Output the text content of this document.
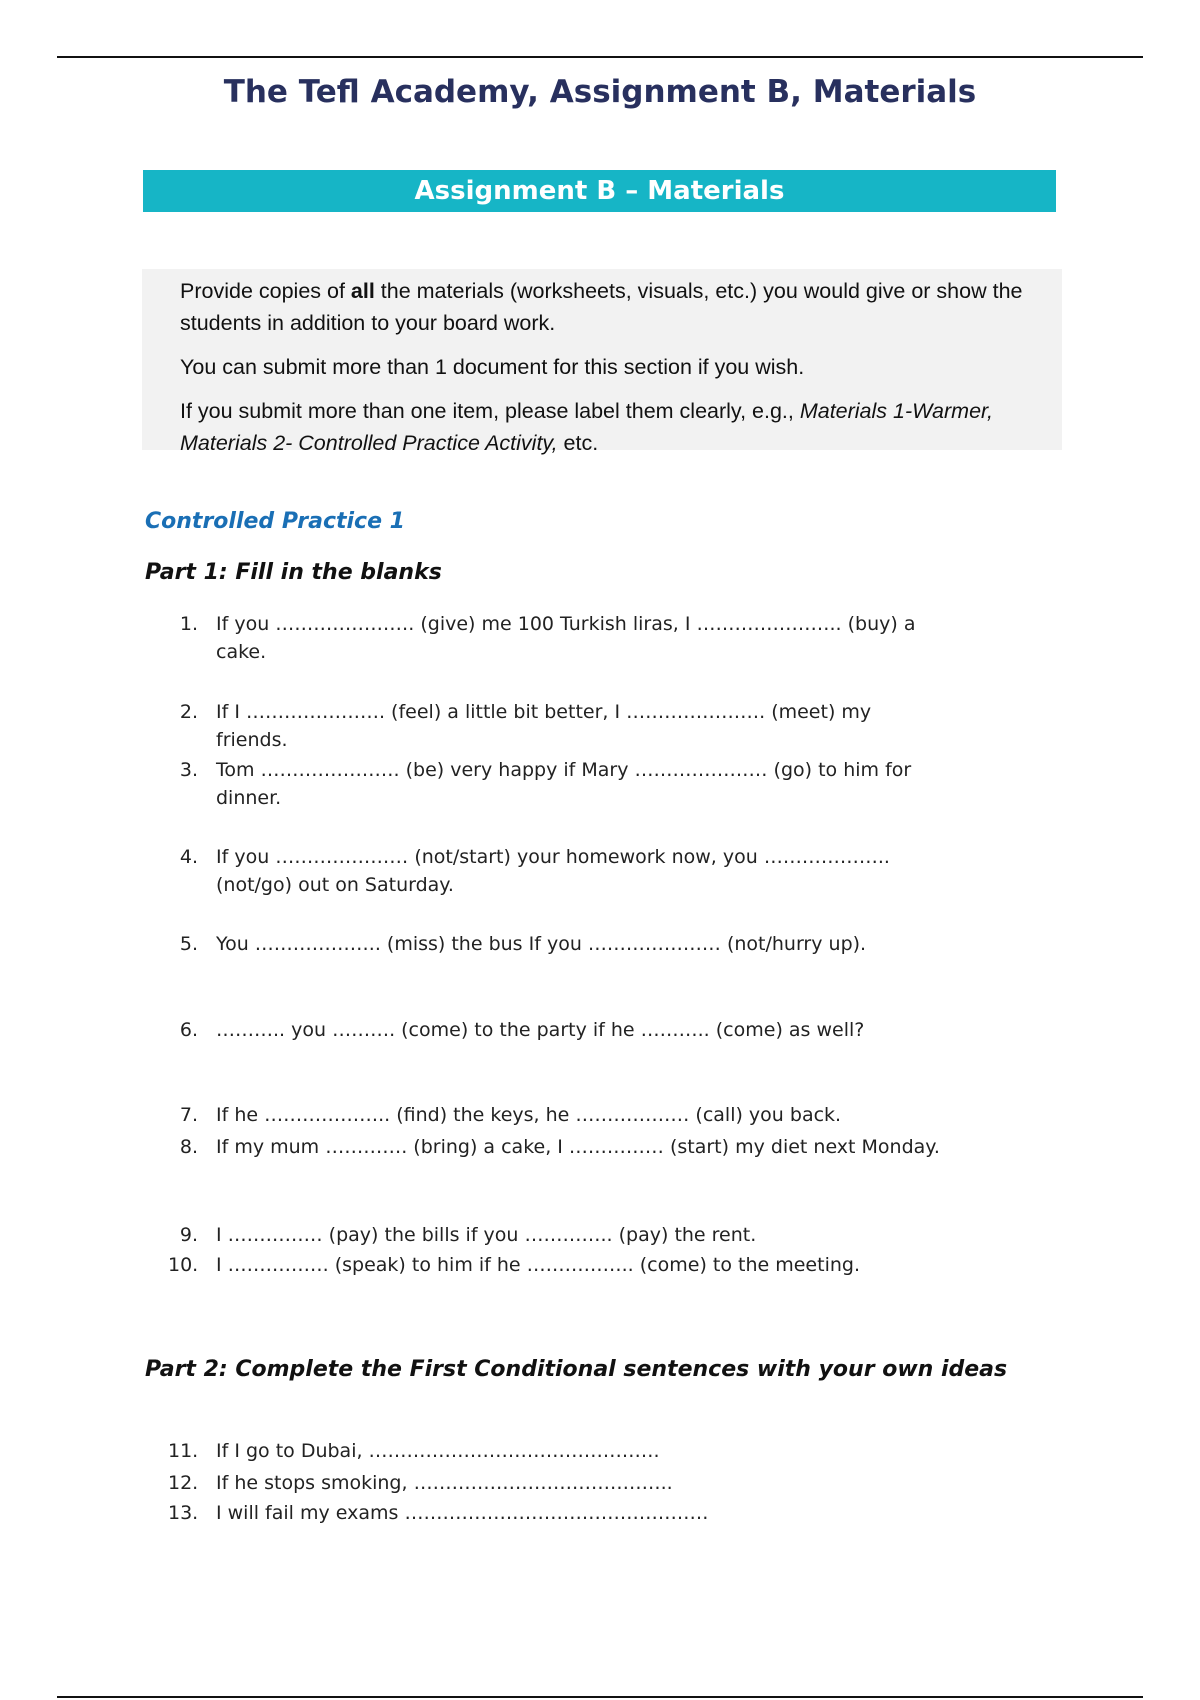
The Tefl Academy, Assignment B, Materials
Assignment B – Materials

Provide copies of all the materials (worksheets, visuals, etc.) you would give or show the students in addition to your board work.

You can submit more than 1 document for this section if you wish.

If you submit more than one item, please label them clearly, e.g., Materials 1-Warmer, Materials 2- Controlled Practice Activity, etc.

Controlled Practice 1
Part 1: Fill in the blanks
1. If you …………………. (give) me 100 Turkish liras, I ………………….. (buy) a cake.
2. If I …………………. (feel) a little bit better, I …………………. (meet) my friends.
3. Tom …………………. (be) very happy if Mary ………………… (go) to him for dinner.
4. If you ………………… (not/start) your homework now, you ……………….. (not/go) out on Saturday.
5. You ……………….. (miss) the bus If you ………………… (not/hurry up).
6. ……….. you ………. (come) to the party if he ……….. (come) as well?
7. If he ……………….. (find) the keys, he ……………… (call) you back.
8. If my mum …………. (bring) a cake, I …………… (start) my diet next Monday.
9. I …………… (pay) the bills if you ………….. (pay) the rent.
10. I ……………. (speak) to him if he …………….. (come) to the meeting.
Part 2: Complete the First Conditional sentences with your own ideas
11. If I go to Dubai, ……………………………………….
12. If he stops smoking, …………………………………..
13. I will fail my exams …………………………………………
